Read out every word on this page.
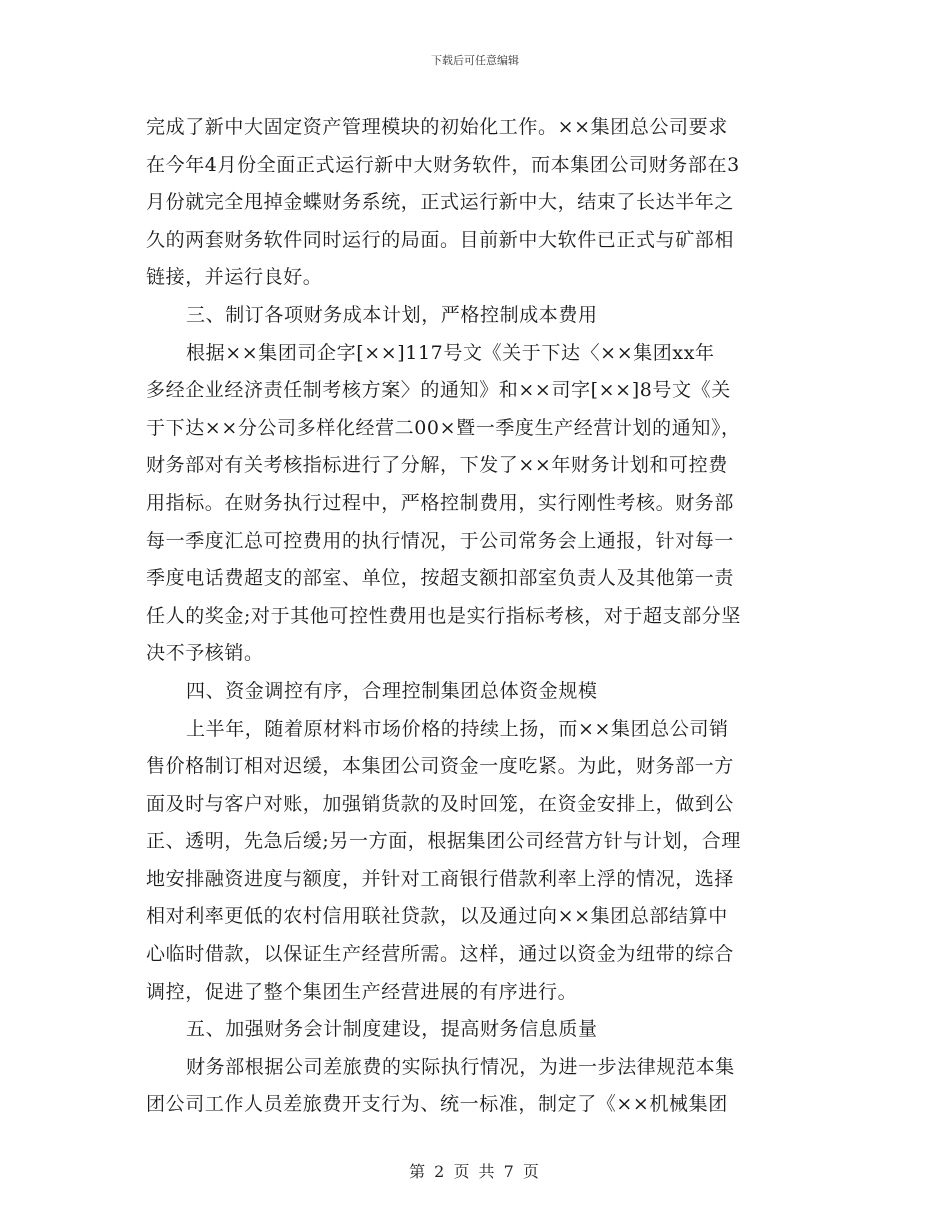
下载后可任意编辑
完成了新中大固定资产管理模块的初始化工作。××集团总公司要求
在今年4月份全面正式运行新中大财务软件，而本集团公司财务部在3
月份就完全甩掉金蝶财务系统，正式运行新中大，结束了长达半年之
久的两套财务软件同时运行的局面。目前新中大软件已正式与矿部相
链接，并运行良好。
三、制订各项财务成本计划，严格控制成本费用
根据××集团司企字[××]117号文《关于下达〈××集团xx年
多经企业经济责任制考核方案〉的通知》和××司字[××]8号文《关
于下达××分公司多样化经营二00×暨一季度生产经营计划的通知》，
财务部对有关考核指标进行了分解，下发了××年财务计划和可控费
用指标。在财务执行过程中，严格控制费用，实行刚性考核。财务部
每一季度汇总可控费用的执行情况，于公司常务会上通报，针对每一
季度电话费超支的部室、单位，按超支额扣部室负责人及其他第一责
任人的奖金;对于其他可控性费用也是实行指标考核，对于超支部分坚
决不予核销。
四、资金调控有序，合理控制集团总体资金规模
上半年，随着原材料市场价格的持续上扬，而××集团总公司销
售价格制订相对迟缓，本集团公司资金一度吃紧。为此，财务部一方
面及时与客户对账，加强销货款的及时回笼，在资金安排上，做到公
正、透明，先急后缓;另一方面，根据集团公司经营方针与计划，合理
地安排融资进度与额度，并针对工商银行借款利率上浮的情况，选择
相对利率更低的农村信用联社贷款，以及通过向××集团总部结算中
心临时借款，以保证生产经营所需。这样，通过以资金为纽带的综合
调控，促进了整个集团生产经营进展的有序进行。
五、加强财务会计制度建设，提高财务信息质量
财务部根据公司差旅费的实际执行情况，为进一步法律规范本集
团公司工作人员差旅费开支行为、统一标准，制定了《××机械集团
第 2 页 共 7 页
